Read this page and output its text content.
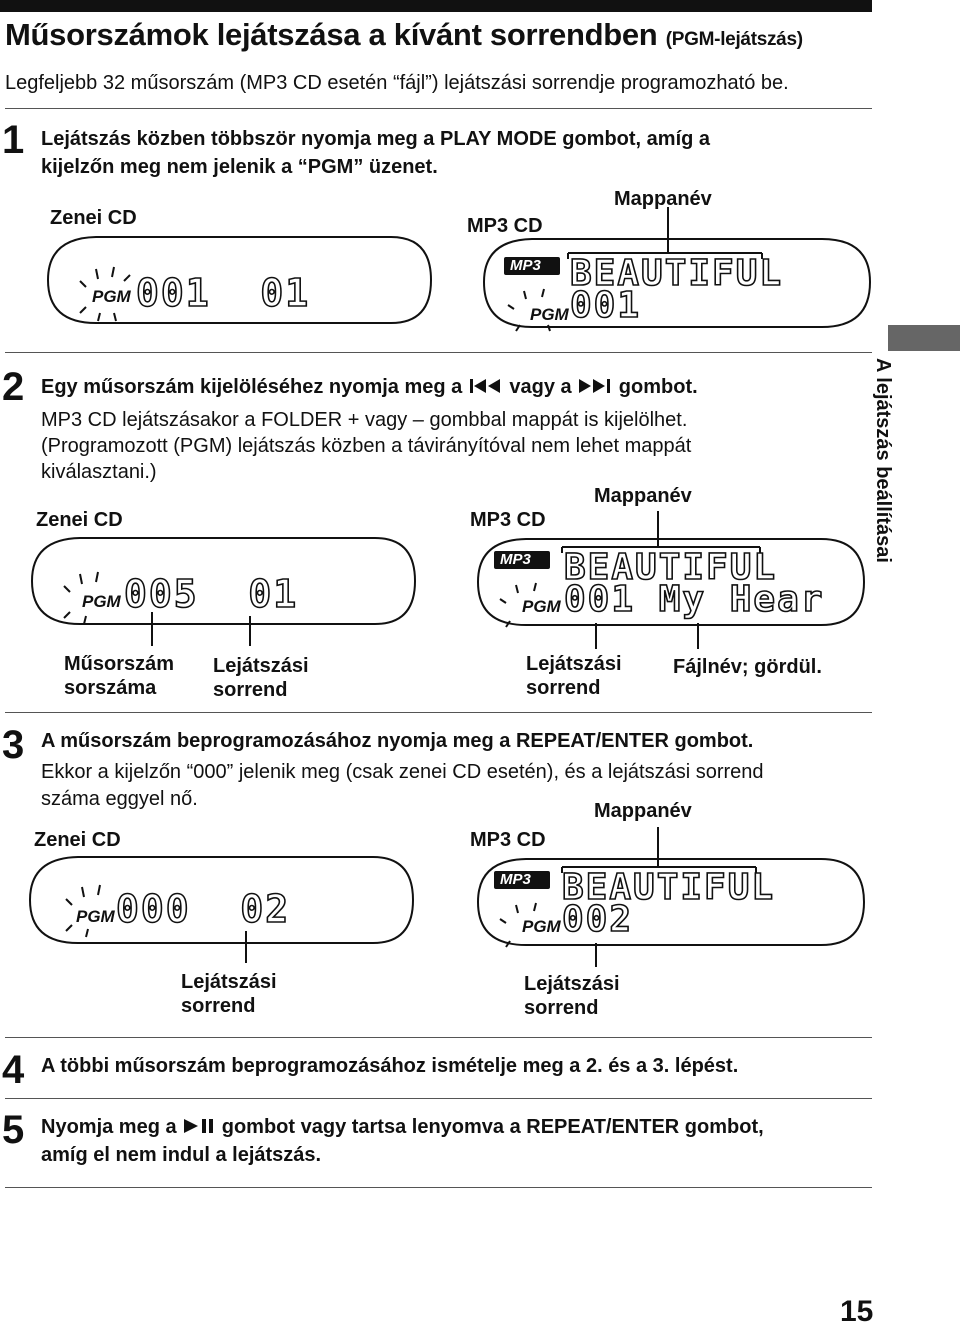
Műsorszámok lejátszása a kívánt sorrendben (PGM-lejátszás)
Legfeljebb 32 műsorszám (MP3 CD esetén “fájl”) lejátszási sorrendje programozható be.
A lejátszás beállításai
1 Lejátszás közben többször nyomja meg a PLAY MODE gombot, amíg a
kijelzőn meg nem jelenik a “PGM” üzenet.
Zenei CD	MP3 CD
Mappanév
PGM 001  01
MP3
PGM
BEAUTIFUL
001
2 Egy műsorszám kijelöléséhez nyomja meg a vagy a gombot.
MP3 CD lejátszásakor a FOLDER + vagy – gombbal mappát is kijelölhet.
(Programozott (PGM) lejátszás közben a távirányítóval nem lehet mappát
kiválasztani.)
Zenei CD	MP3 CD
Mappanév
PGM 005  01
MP3
PGM
BEAUTIFUL
001 My Hear
Műsorszám
sorszáma
Lejátszási
sorrend
Lejátszási
sorrend
Fájlnév; gördül.
3 A műsorszám beprogramozásához nyomja meg a REPEAT/ENTER gombot.
Ekkor a kijelzőn “000” jelenik meg (csak zenei CD esetén), és a lejátszási sorrend
száma eggyel nő.
Zenei CD	MP3 CD
Mappanév
PGM 000  02
MP3
PGM
BEAUTIFUL
002
Lejátszási
sorrend
Lejátszási
sorrend
4 A többi műsorszám beprogramozásához ismételje meg a 2. és a 3. lépést.
5 Nyomja meg a gombot vagy tartsa lenyomva a REPEAT/ENTER gombot,
amíg el nem indul a lejátszás.
15
